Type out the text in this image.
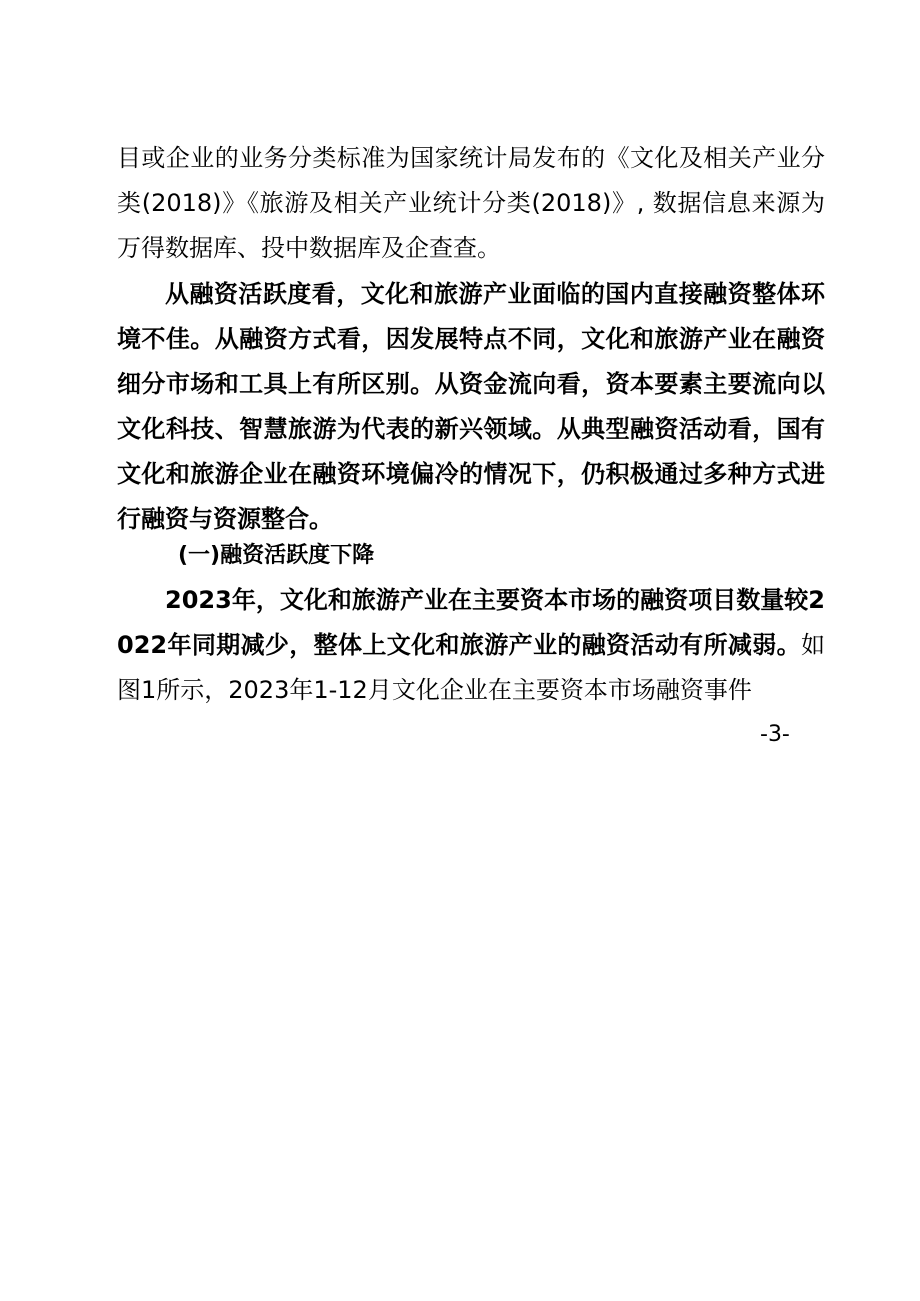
目或企业的业务分类标准为国家统计局发布的《文化及相关产业分类(2018)》《旅游及相关产业统计分类(2018)》, 数据信息来源为万得数据库、投中数据库及企查查。

从融资活跃度看，文化和旅游产业面临的国内直接融资整体环境不佳。从融资方式看，因发展特点不同，文化和旅游产业在融资细分市场和工具上有所区别。从资金流向看，资本要素主要流向以文化科技、智慧旅游为代表的新兴领域。从典型融资活动看，国有文化和旅游企业在融资环境偏冷的情况下，仍积极通过多种方式进行融资与资源整合。

(一)融资活跃度下降

2023年，文化和旅游产业在主要资本市场的融资项目数量较2022年同期减少，整体上文化和旅游产业的融资活动有所减弱。如图1所示，2023年1-12月文化企业在主要资本市场融资事件

-3-
